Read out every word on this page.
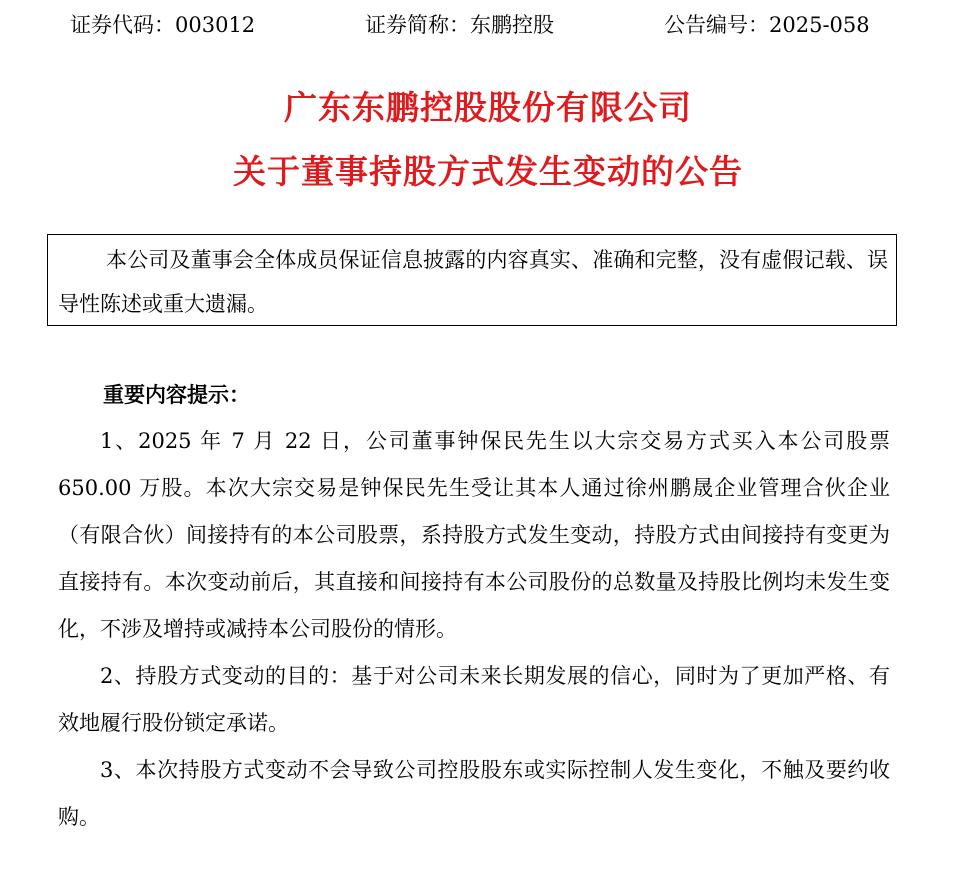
证券代码：003012	证券简称：东鹏控股	公告编号：2025-058
广东东鹏控股股份有限公司
关于董事持股方式发生变动的公告
本公司及董事会全体成员保证信息披露的内容真实、准确和完整，没有虚假记载、误导性陈述或重大遗漏。
重要内容提示：
1、2025 年 7 月 22 日，公司董事钟保民先生以大宗交易方式买入本公司股票 650.00 万股。本次大宗交易是钟保民先生受让其本人通过徐州鹏晟企业管理合伙企业（有限合伙）间接持有的本公司股票，系持股方式发生变动，持股方式由间接持有变更为直接持有。本次变动前后，其直接和间接持有本公司股份的总数量及持股比例均未发生变化，不涉及增持或减持本公司股份的情形。
2、持股方式变动的目的：基于对公司未来长期发展的信心，同时为了更加严格、有效地履行股份锁定承诺。
3、本次持股方式变动不会导致公司控股股东或实际控制人发生变化，不触及要约收购。
